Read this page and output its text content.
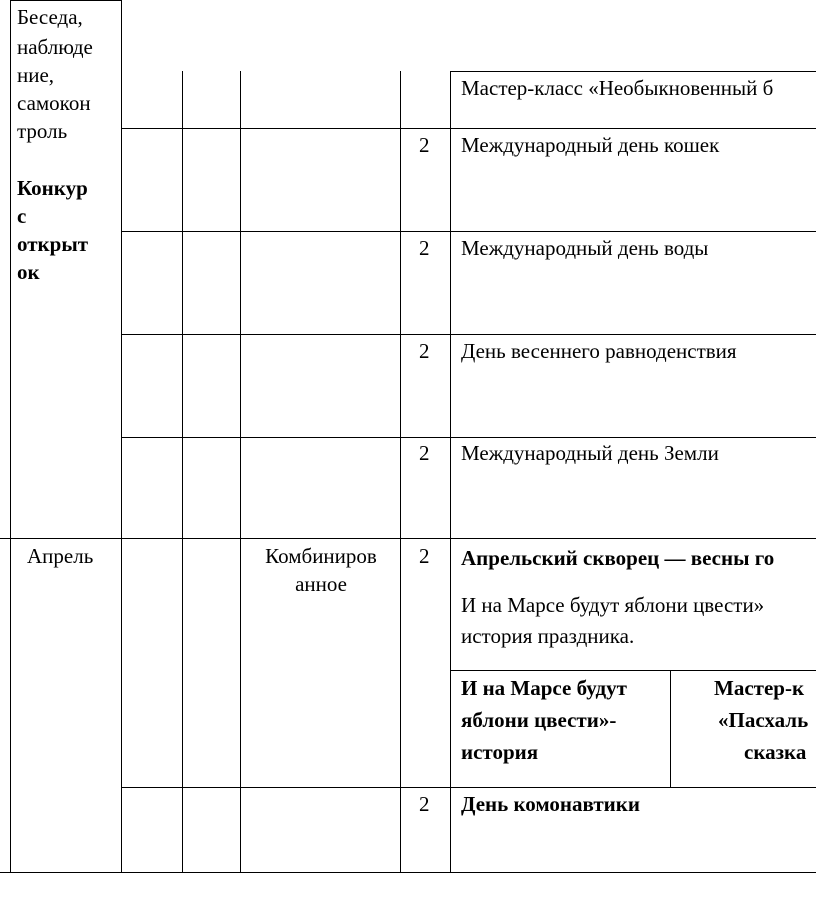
Беседа,
наблюде
ние,
самокон
троль
Конкур
с
открыт
ок
Мастер-класс «Необыкновенный б
2 Международный день кошек
2 Международный день воды
2 День весеннего равноденствия
2 Международный день Земли
Апрель	Комбиниров
анное
2 Апрельский скворец — весны го
И на Марсе будут яблони цвести»
история праздника.
И на Марсе будут
яблони цвести»-
история
Мастер-к
«Пасхаль
сказка
2 День комонавтики
